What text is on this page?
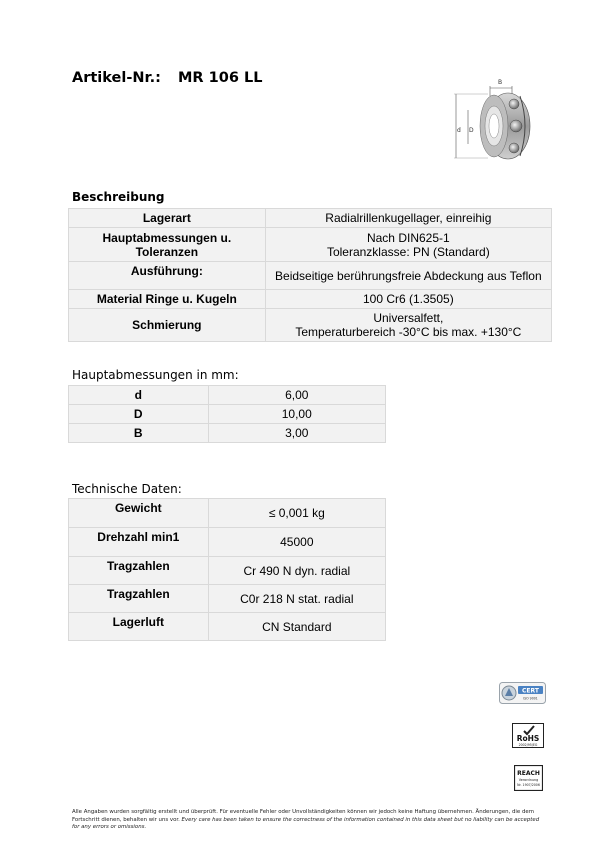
Artikel-Nr.: MR 106 LL	B
d D
Beschreibung
Lagerart	Radialrillenkugellager, einreihig
Hauptabmessungen u. Toleranzen	Nach DIN625-1
Toleranzklasse: PN (Standard)

Ausführung:	Beidseitige berührungsfreie Abdeckung aus Teflon
Material Ringe u. Kugeln	100 Cr6 (1.3505)
Schmierung	Universalfett,
Temperaturbereich -30°C bis max. +130°C
Hauptabmessungen in mm:
d	6,00
D	10,00
B	3,00
Technische Daten:
Gewicht	≤ 0,001 kg
Drehzahl min1	45000
Tragzahlen	Cr 490 N dyn. radial
Tragzahlen	C0r 218 N stat. radial
Lagerluft	CN Standard
CERT
ISO 9001
RoHS
2002/95/EG
REACH
Verordnung
Nr. 1907/2006
Alle Angaben wurden sorgfältig erstellt und überprüft. Für eventuelle Fehler oder Unvollständigkeiten können wir jedoch keine Haftung übernehmen. Änderungen, die dem Fortschritt dienen, behalten wir uns vor. Every care has been taken to ensure the correctness of the information contained in this data sheet but no liability can be accepted for any errors or omissions.
